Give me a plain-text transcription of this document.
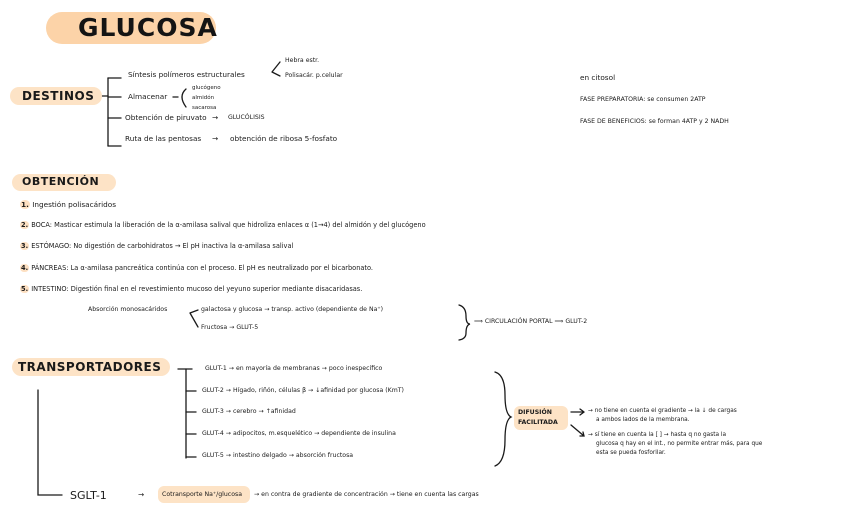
GLUCOSA
DESTINOS
Síntesis polímeros estructurales
Hebra estr.
Polisacár. p.celular
Almacenar
glucógeno
almidón
sacarosa
Obtención de piruvato → GLUCÓLISIS
Ruta de las pentosas → obtención de ribosa 5-fosfato
en citosol
FASE PREPARATORIA: se consumen 2ATP
FASE DE BENEFICIOS: se forman 4ATP y 2 NADH
OBTENCIÓN
1. Ingestión polisacáridos
2. BOCA: Masticar estimula la liberación de la α-amilasa salival que hidroliza enlaces α (1→4) del almidón y del glucógeno
3. ESTÓMAGO: No digestión de carbohidratos → El pH inactiva la α-amilasa salival
4. PÁNCREAS: La α-amilasa pancreática continúa con el proceso. El pH es neutralizado por el bicarbonato.
5. INTESTINO: Digestión final en el revestimiento mucoso del yeyuno superior mediante disacaridasas.
Absorción monosacáridos	galactosa y glucosa → transp. activo (dependiente de Na⁺)
Fructosa → GLUT-5
⟹ CIRCULACIÓN PORTAL ⟹ GLUT-2
TRANSPORTADORES	GLUT-1 → en mayoría de membranas → poco inespecífico
GLUT-2 → Hígado, riñón, células β → ↓afinidad por glucosa (KmT)
GLUT-3 → cerebro → ↑afinidad
GLUT-4 → adipocitos, m.esquelético → dependiente de insulina
GLUT-5 → intestino delgado → absorción fructosa
DIFUSIÓN
FACILITADA
→ no tiene en cuenta el gradiente → la ↓ de cargas
a ambos lados de la membrana.
→ sí tiene en cuenta la [ ] → hasta q no gasta la
glucosa q hay en el int., no permite entrar más, para que
esta se pueda fosforilar.
SGLT-1	→	Cotransporte Na⁺/glucosa → en contra de gradiente de concentración → tiene en cuenta las cargas
